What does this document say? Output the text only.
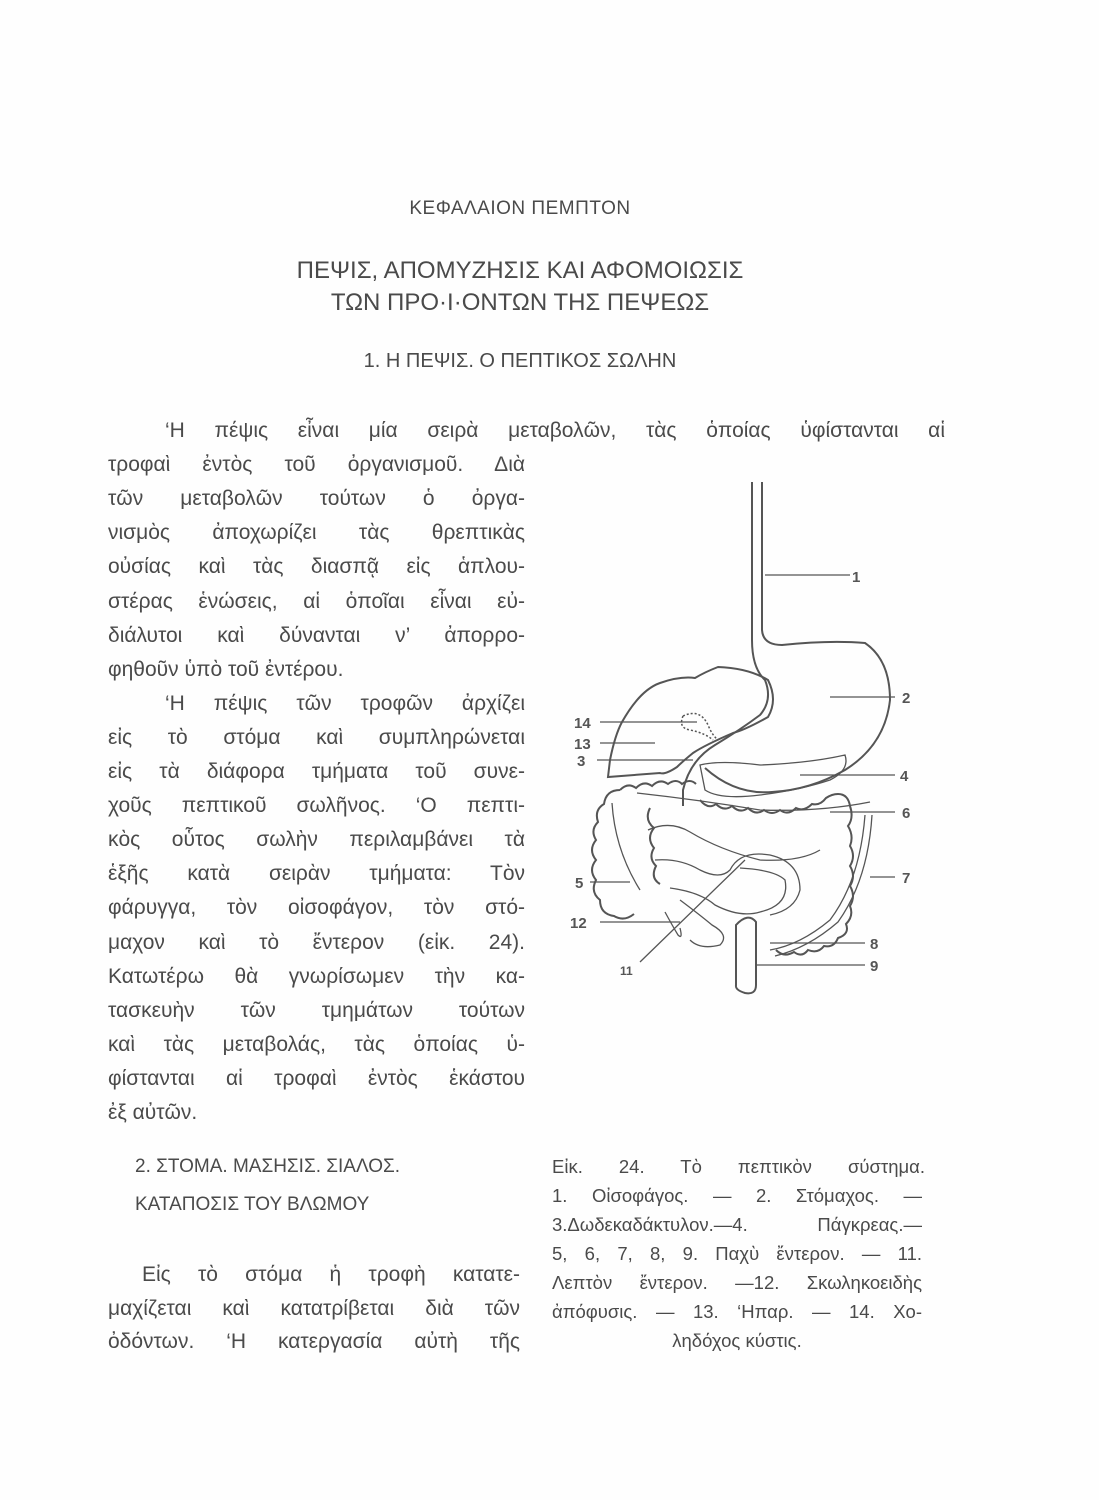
ΚΕΦΑΛΑΙΟΝ ΠΕΜΠΤΟΝ
ΠΕΨΙΣ, ΑΠΟΜΥΖΗΣΙΣ ΚΑΙ ΑΦΟΜΟΙΩΣΙΣ
ΤΩΝ ΠΡΟ·Ι·ΟΝΤΩΝ ΤΗΣ ΠΕΨΕΩΣ
1. Η ΠΕΨΙΣ. Ο ΠΕΠΤΙΚΟΣ ΣΩΛΗΝ
‘Η πέψις εἶναι μία σειρὰ μεταβολῶν, τὰς ὁποίας ὑφίστανται αἱ
τροφαὶ ἐντὸς τοῦ ὀργανισμοῦ. Διὰ
τῶν μεταβολῶν τούτων ὁ ὀργα-
νισμὸς ἀποχωρίζει τὰς θρεπτικὰς
οὐσίας καὶ τὰς διασπᾷ εἰς ἁπλου-
στέρας ἑνώσεις, αἱ ὁποῖαι εἶναι εὐ-
διάλυτοι καὶ δύνανται ν’ ἀπορρο-
φηθοῦν ὑπὸ τοῦ ἐντέρου.
‘Η πέψις τῶν τροφῶν ἀρχίζει
εἰς τὸ στόμα καὶ συμπληρώνεται
εἰς τὰ διάφορα τμήματα τοῦ συνε-
χοῦς πεπτικοῦ σωλῆνος. ‘Ο πεπτι-
κὸς οὗτος σωλὴν περιλαμβάνει τὰ
ἑξῆς κατὰ σειρὰν τμήματα: Τὸν
φάρυγγα, τὸν οἰσοφάγον, τὸν στό-
μαχον καὶ τὸ ἔντερον (εἰκ. 24).
Κατωτέρω θὰ γνωρίσωμεν τὴν κα-
τασκευὴν τῶν τμημάτων τούτων
καὶ τὰς μεταβολάς, τὰς ὁποίας ὑ-
φίστανται αἱ τροφαὶ ἐντὸς ἑκάστου
ἐξ αὐτῶν.
2. ΣΤΟΜΑ. ΜΑΣΗΣΙΣ. ΣΙΑΛΟΣ.
ΚΑΤΑΠΟΣΙΣ ΤΟΥ ΒΛΩΜΟΥ
Εἰς τὸ στόμα ἡ τροφὴ κατατε-
μαχίζεται καὶ κατατρίβεται διὰ τῶν
ὀδόντων. ‘Η κατεργασία αὐτὴ τῆς
Εἰκ. 24. Τὸ πεπτικὸν σύστημα.
1. Οἰσοφάγος. — 2. Στόμαχος. —
3.Δωδεκαδάκτυλον.—4. Πάγκρεας.—
5, 6, 7, 8, 9. Παχὺ ἔντερον. — 11.
Λεπτὸν ἔντερον. —12. Σκωληκοειδὴς
ἀπόφυσις. — 13. ‘Ηπαρ. — 14. Χο-
ληδόχος κύστις.
1
2
14
13
3
4
6
7
5
12
8
9
11
